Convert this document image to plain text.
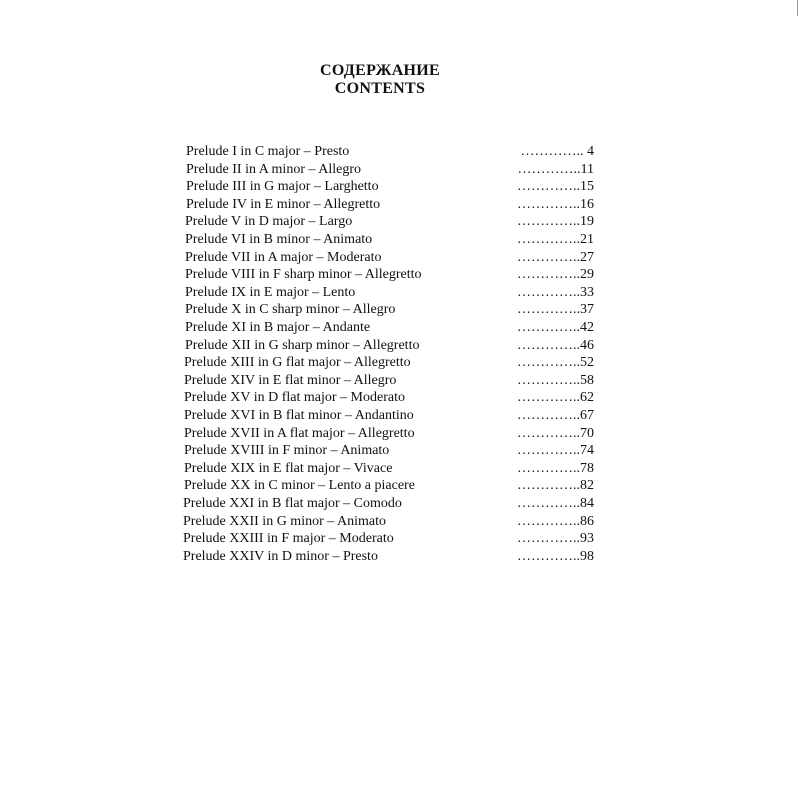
СОДЕРЖАНИЕ
CONTENTS
Prelude I in C major – Presto	………….. 4
Prelude II in A minor – Allegro	…………..11
Prelude III in G major – Larghetto	…………..15
Prelude IV in E minor – Allegretto	…………..16
Prelude V in D major – Largo	…………..19
Prelude VI in B minor – Animato	…………..21
Prelude VII in A major – Moderato	…………..27
Prelude VIII in F sharp minor – Allegretto	…………..29
Prelude IX in E major – Lento	…………..33
Prelude X in C sharp minor – Allegro	…………..37
Prelude XI in B major – Andante	…………..42
Prelude XII in G sharp minor – Allegretto	…………..46
Prelude XIII in G flat major – Allegretto	…………..52
Prelude XIV in E flat minor – Allegro	…………..58
Prelude XV in D flat major – Moderato	…………..62
Prelude XVI in B flat minor – Andantino	…………..67
Prelude XVII in A flat major – Allegretto	…………..70
Prelude XVIII in F minor – Animato	…………..74
Prelude XIX in E flat major – Vivace	…………..78
Prelude XX in C minor – Lento a piacere	…………..82
Prelude XXI in B flat major – Comodo	…………..84
Prelude XXII in G minor – Animato	…………..86
Prelude XXIII in F major – Moderato	…………..93
Prelude XXIV in D minor – Presto	…………..98
